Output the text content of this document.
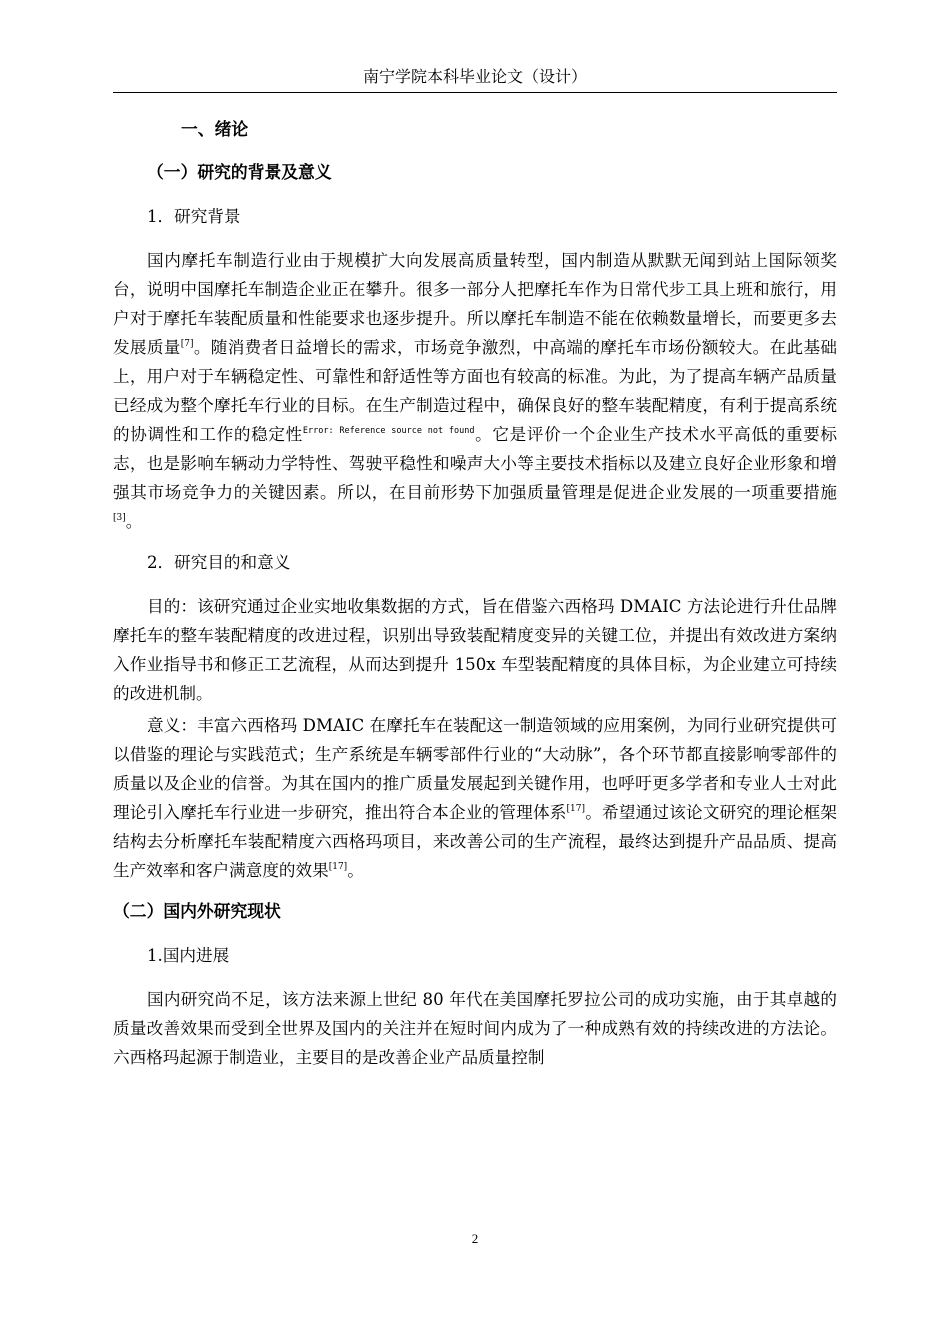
南宁学院本科毕业论文（设计）
一、绪论
（一）研究的背景及意义
1．研究背景

国内摩托车制造行业由于规模扩大向发展高质量转型，国内制造从默默无闻到站上国际领奖台，说明中国摩托车制造企业正在攀升。很多一部分人把摩托车作为日常代步工具上班和旅行，用户对于摩托车装配质量和性能要求也逐步提升。所以摩托车制造不能在依赖数量增长，而要更多去发展质量[7]。随消费者日益增长的需求，市场竞争激烈，中高端的摩托车市场份额较大。在此基础上，用户对于车辆稳定性、可靠性和舒适性等方面也有较高的标准。为此，为了提高车辆产品质量已经成为整个摩托车行业的目标。在生产制造过程中，确保良好的整车装配精度，有利于提高系统的协调性和工作的稳定性$^{Error: Reference source not found}$。它是评价一个企业生产技术水平高低的重要标志，也是影响车辆动力学特性、驾驶平稳性和噪声大小等主要技术指标以及建立良好企业形象和增强其市场竞争力的关键因素。所以，在目前形势下加强质量管理是促进企业发展的一项重要措施[3]。

2．研究目的和意义

目的：该研究通过企业实地收集数据的方式，旨在借鉴六西格玛 DMAIC 方法论进行升仕品牌摩托车的整车装配精度的改进过程，识别出导致装配精度变异的关键工位，并提出有效改进方案纳入作业指导书和修正工艺流程，从而达到提升 150x 车型装配精度的具体目标，为企业建立可持续的改进机制。

意义：丰富六西格玛 DMAIC 在摩托车在装配这一制造领域的应用案例，为同行业研究提供可以借鉴的理论与实践范式；生产系统是车辆零部件行业的“大动脉”，各个环节都直接影响零部件的质量以及企业的信誉。为其在国内的推广质量发展起到关键作用，也呼吁更多学者和专业人士对此理论引入摩托车行业进一步研究，推出符合本企业的管理体系[17]。希望通过该论文研究的理论框架结构去分析摩托车装配精度六西格玛项目，来改善公司的生产流程，最终达到提升产品品质、提高生产效率和客户满意度的效果[17]。

（二）国内外研究现状
1.国内进展

国内研究尚不足，该方法来源上世纪 80 年代在美国摩托罗拉公司的成功实施，由于其卓越的质量改善效果而受到全世界及国内的关注并在短时间内成为了一种成熟有效的持续改进的方法论。六西格玛起源于制造业，主要目的是改善企业产品质量控制

2
